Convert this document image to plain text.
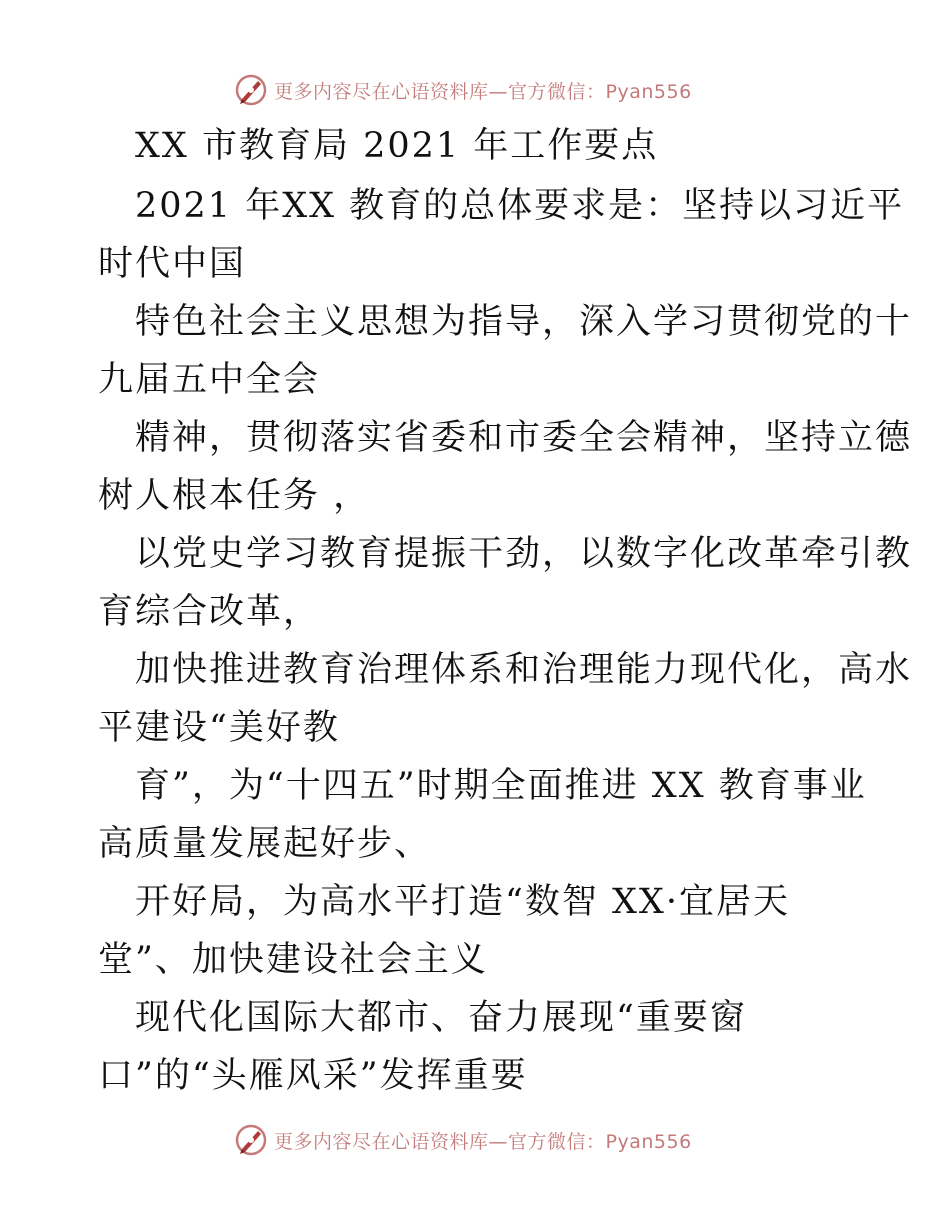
更多内容尽在心语资料库—官方微信：Pyan556
XX 市教育局 2021 年工作要点
2021 年XX 教育的总体要求是：坚持以习近平
时代中国
特色社会主义思想为指导，深入学习贯彻党的十
九届五中全会
精神，贯彻落实省委和市委全会精神，坚持立德
树人根本任务 ，
以党史学习教育提振干劲，以数字化改革牵引教
育综合改革，
加快推进教育治理体系和治理能力现代化，高水
平建设“美好教
育”，为“十四五”时期全面推进 XX 教育事业
高质量发展起好步、
开好局，为高水平打造“数智 XX·宜居天
堂”、加快建设社会主义
现代化国际大都市、奋力展现“重要窗
口”的“头雁风采”发挥重要
更多内容尽在心语资料库—官方微信：Pyan556
